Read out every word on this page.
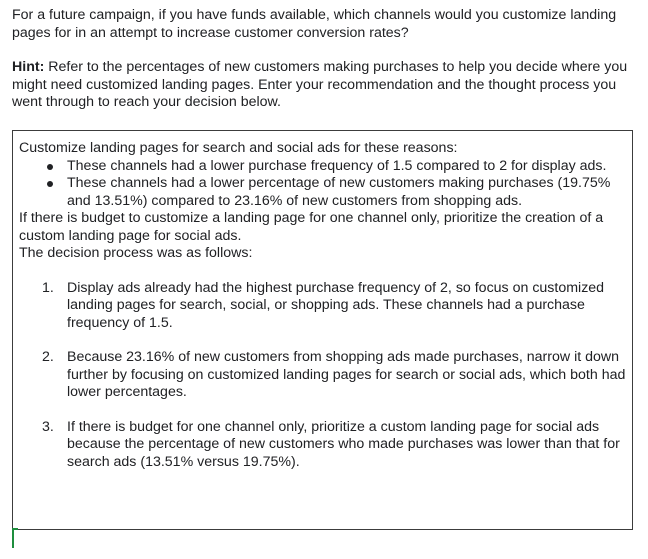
For a future campaign, if you have funds available, which channels would you customize landing pages for in an attempt to increase customer conversion rates?

Hint: Refer to the percentages of new customers making purchases to help you decide where you might need customized landing pages. Enter your recommendation and the thought process you went through to reach your decision below.

Customize landing pages for search and social ads for these reasons:

These channels had a lower purchase frequency of 1.5 compared to 2 for display ads.
These channels had a lower percentage of new customers making purchases (19.75% and 13.51%) compared to 23.16% of new customers from shopping ads.

If there is budget to customize a landing page for one channel only, prioritize the creation of a custom landing page for social ads.

The decision process was as follows:

1. Display ads already had the highest purchase frequency of 2, so focus on customized landing pages for search, social, or shopping ads. These channels had a purchase frequency of 1.5.
2. Because 23.16% of new customers from shopping ads made purchases, narrow it down further by focusing on customized landing pages for search or social ads, which both had lower percentages.
3. If there is budget for one channel only, prioritize a custom landing page for social ads because the percentage of new customers who made purchases was lower than that for search ads (13.51% versus 19.75%).
